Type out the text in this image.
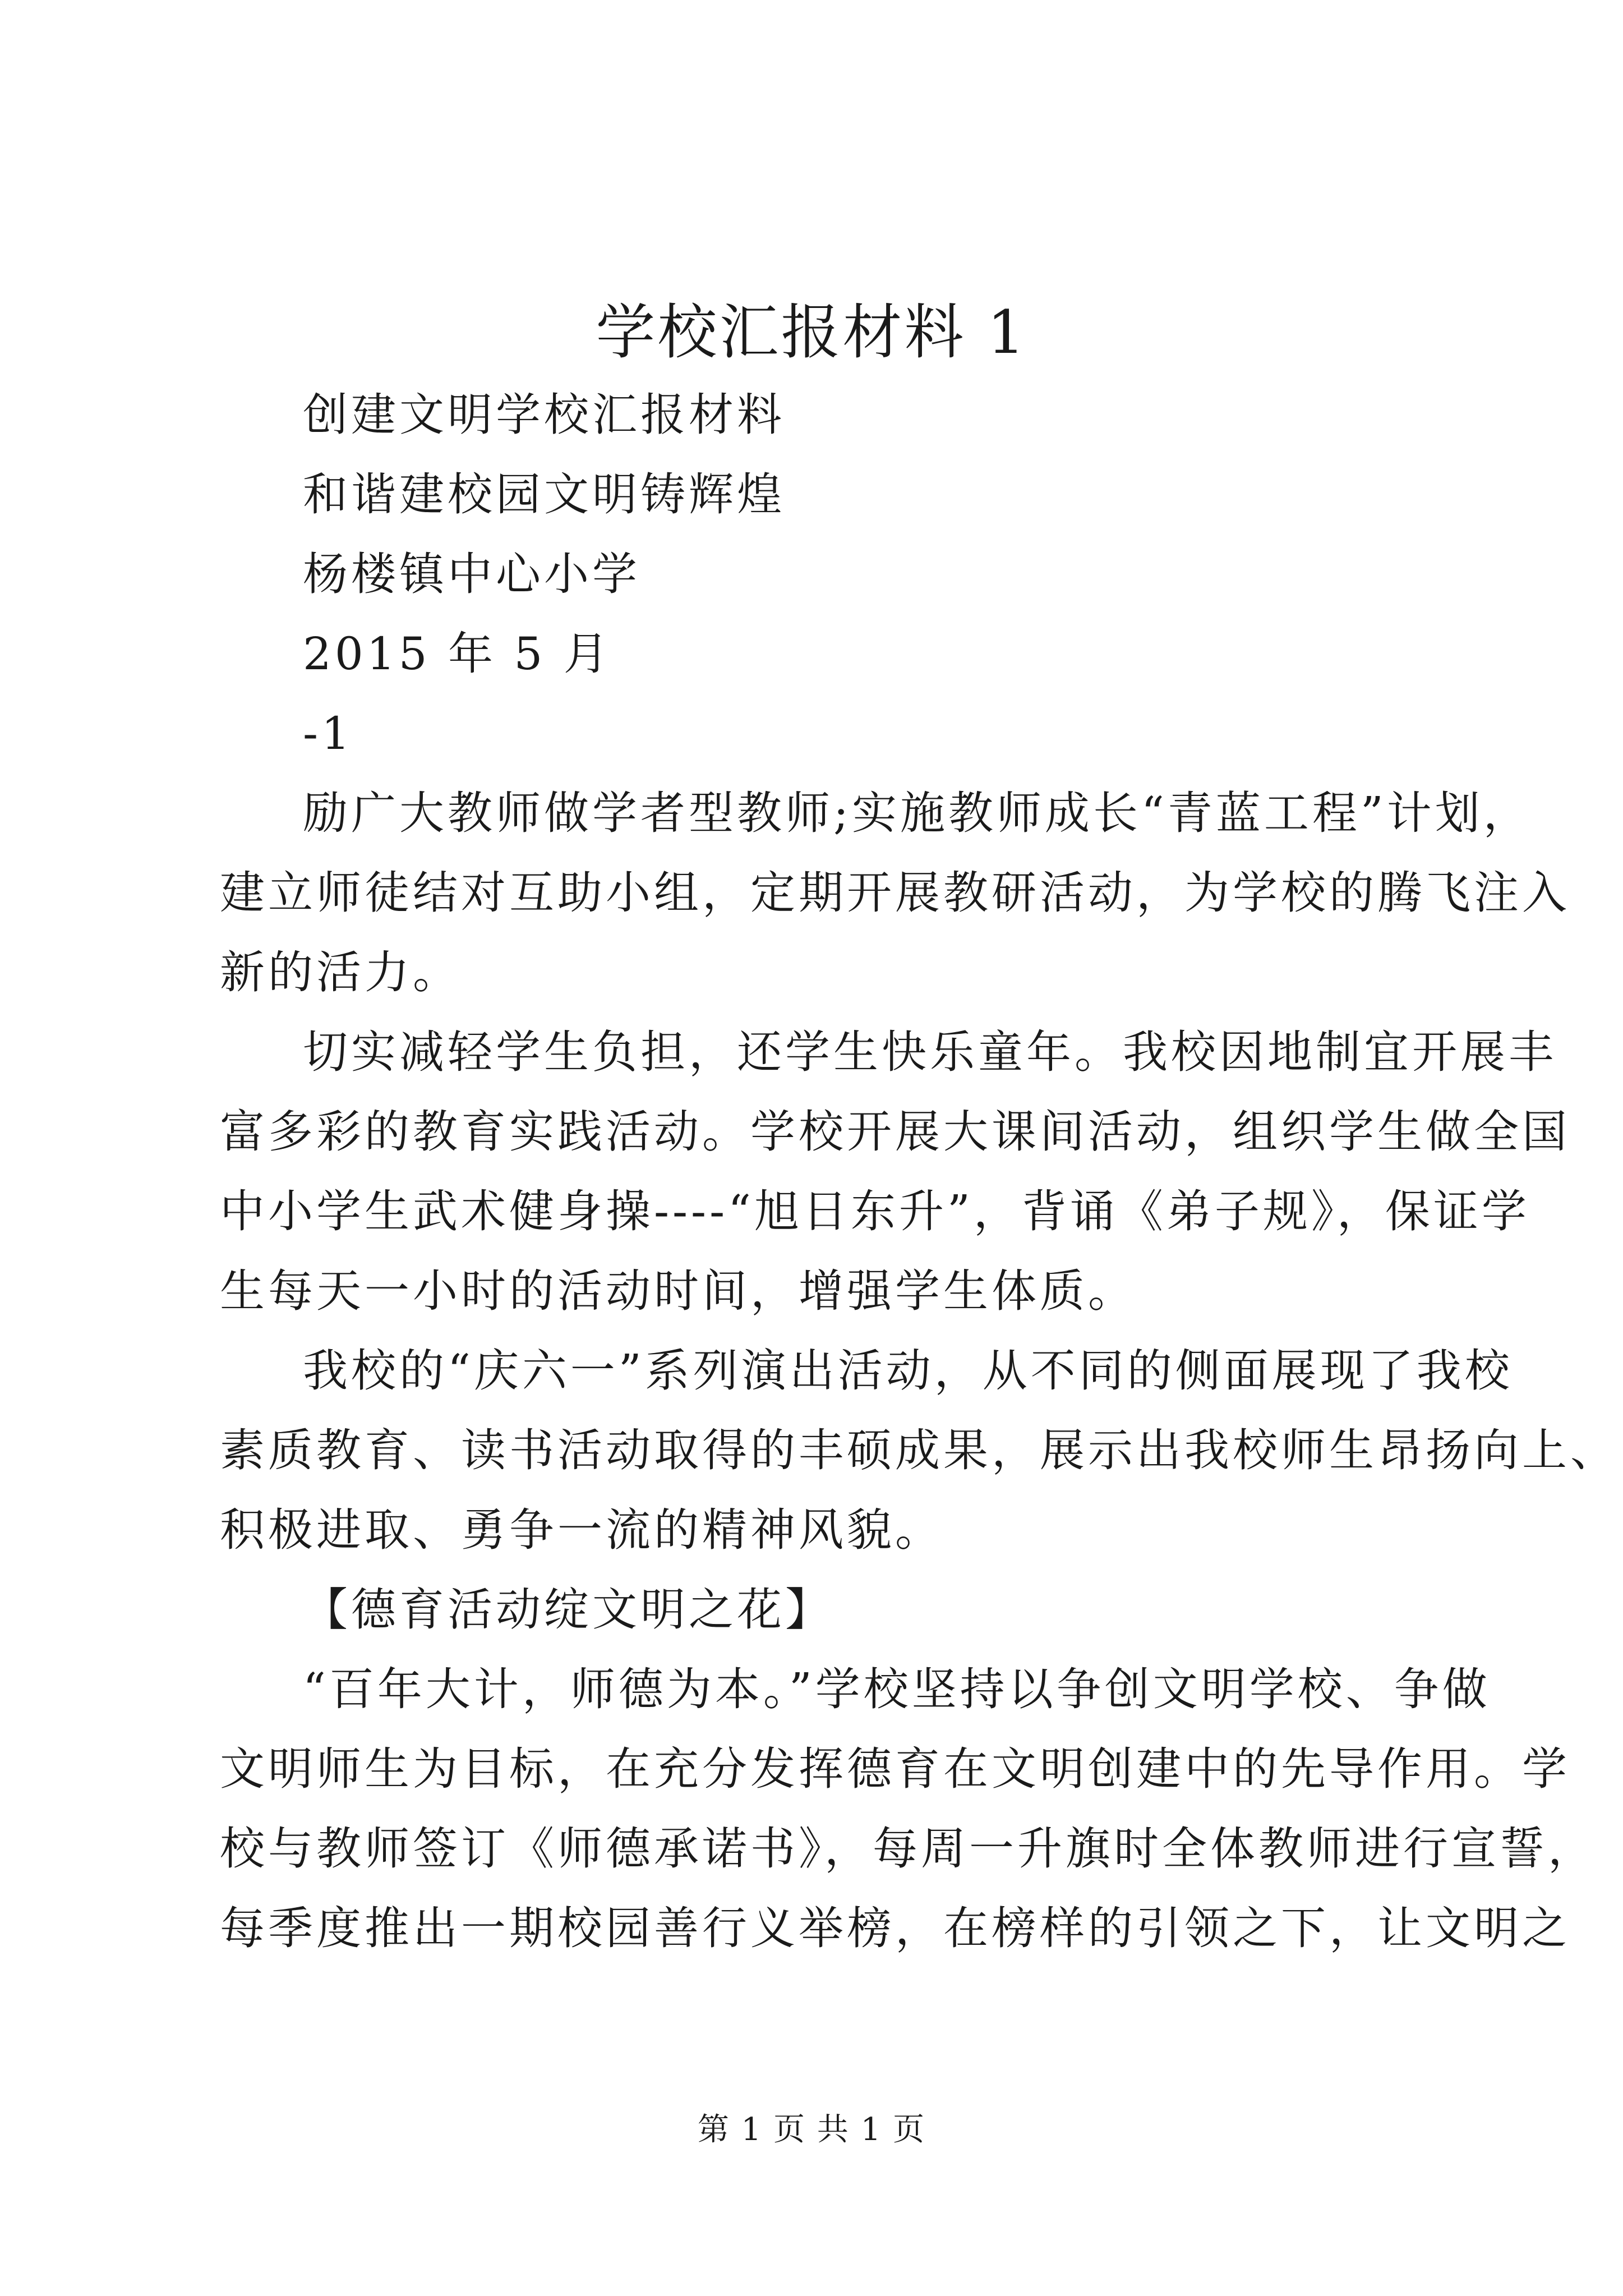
学校汇报材料 1
创建文明学校汇报材料
和谐建校园文明铸辉煌
杨楼镇中心小学
2015 年 5 月
-1
励广大教师做学者型教师;实施教师成长“青蓝工程”计划，
建立师徒结对互助小组，定期开展教研活动，为学校的腾飞注入
新的活力。
切实减轻学生负担，还学生快乐童年。我校因地制宜开展丰
富多彩的教育实践活动。学校开展大课间活动，组织学生做全国
中小学生武术健身操----“旭日东升”，背诵《弟子规》，保证学
生每天一小时的活动时间，增强学生体质。
我校的“庆六一”系列演出活动，从不同的侧面展现了我校
素质教育、读书活动取得的丰硕成果，展示出我校师生昂扬向上、
积极进取、勇争一流的精神风貌。
【德育活动绽文明之花】
“百年大计，师德为本。”学校坚持以争创文明学校、争做
文明师生为目标，在充分发挥德育在文明创建中的先导作用。学
校与教师签订《师德承诺书》，每周一升旗时全体教师进行宣誓，
每季度推出一期校园善行义举榜，在榜样的引领之下，让文明之
第 1 页 共 1 页
